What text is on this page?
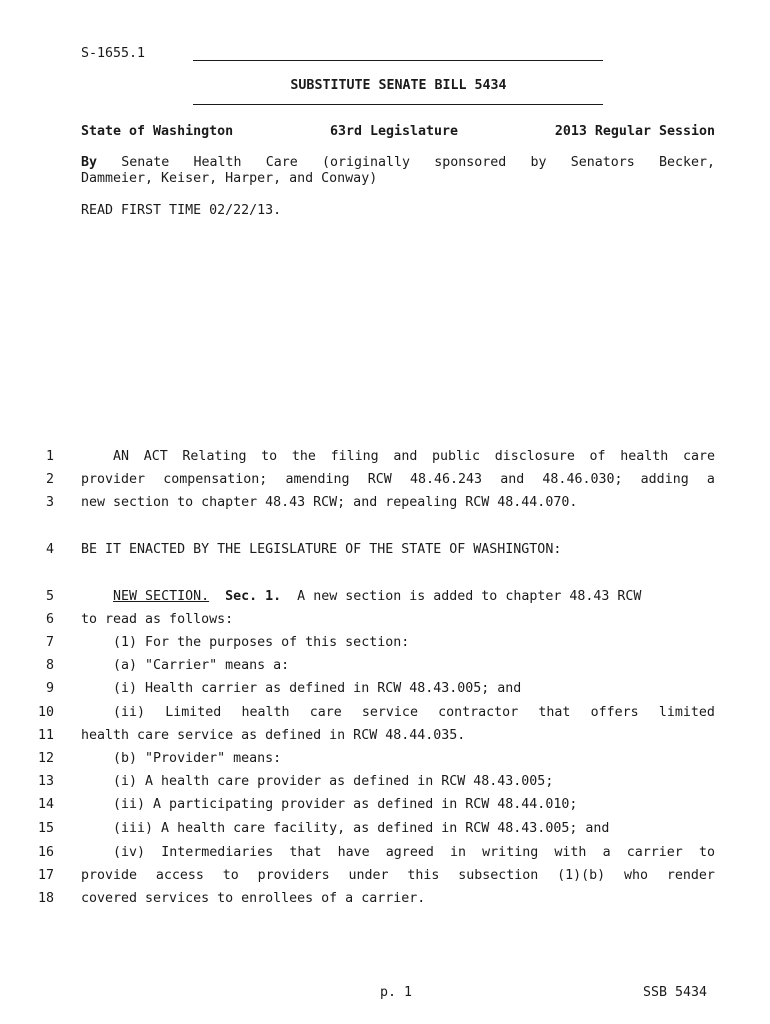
S-1655.1
SUBSTITUTE SENATE BILL 5434
State of Washington	63rd Legislature	2013 Regular Session
By Senate Health Care (originally sponsored by Senators Becker,
Dammeier, Keiser, Harper, and Conway)
READ FIRST TIME 02/22/13.
1	AN ACT Relating to the filing and public disclosure of health care
2 provider compensation; amending RCW 48.46.243 and 48.46.030; adding a
3 new section to chapter 48.43 RCW; and repealing RCW 48.44.070.
4 BE IT ENACTED BY THE LEGISLATURE OF THE STATE OF WASHINGTON:
5	NEW SECTION. Sec. 1.  A new section is added to chapter 48.43 RCW
6 to read as follows:
7 (1) For the purposes of this section:
8 (a) "Carrier" means a:
9 (i) Health carrier as defined in RCW 48.43.005; and
10	(ii) Limited health care service contractor that offers limited
11 health care service as defined in RCW 48.44.035.
12 (b) "Provider" means:
13 (i) A health care provider as defined in RCW 48.43.005;
14 (ii) A participating provider as defined in RCW 48.44.010;
15 (iii) A health care facility, as defined in RCW 48.43.005; and
16	(iv) Intermediaries that have agreed in writing with a carrier to
17 provide access to providers under this subsection (1)(b) who render
18 covered services to enrollees of a carrier.
p. 1	SSB 5434
